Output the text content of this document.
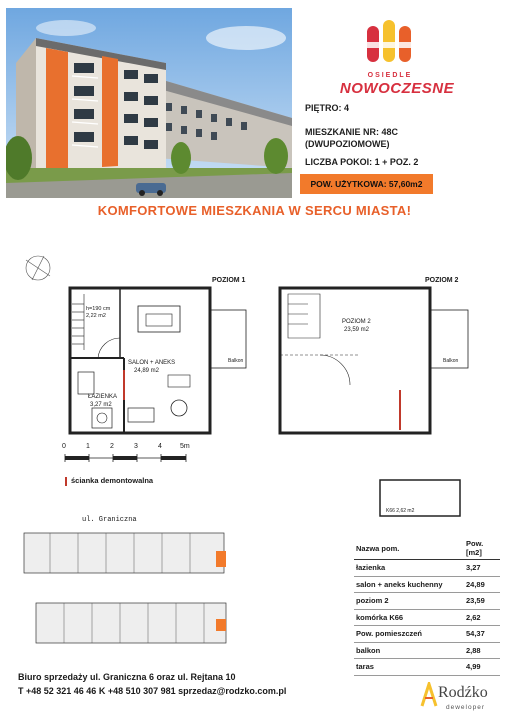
OSIEDLE
NOWOCZESNE
PIĘTRO: 4
MIESZKANIE NR: 48C
(DWUPOZIOMOWE)
LICZBA POKOI: 1 + POZ. 2
POW. UŻYTKOWA: 57,60m2
KOMFORTOWE MIESZKANIA W SERCU MIASTA!
POZIOM 1	POZIOM 2
h=190 cm
2,22 m2
SALON + ANEKS
24,89 m2
ŁAZIENKA
3,27 m2
Balkon	Balkon
POZIOM 2
23,59 m2
K66 2,62 m2
0	1	2	3	4	5m
ścianka demontowalna
ul. Graniczna
Nazwa pom.	Pow. [m2]
łazienka	3,27
salon + aneks kuchenny	24,89
poziom 2	23,59
komórka K66	2,62
Pow. pomieszczeń	54,37
balkon	2,88
taras	4,99
Biuro sprzedaży ul. Graniczna 6 oraz ul. Rejtana 10
T +48 52 321 46 46 K +48 510 307 981 sprzedaz@rodzko.com.pl	Rodźko
deweloper
